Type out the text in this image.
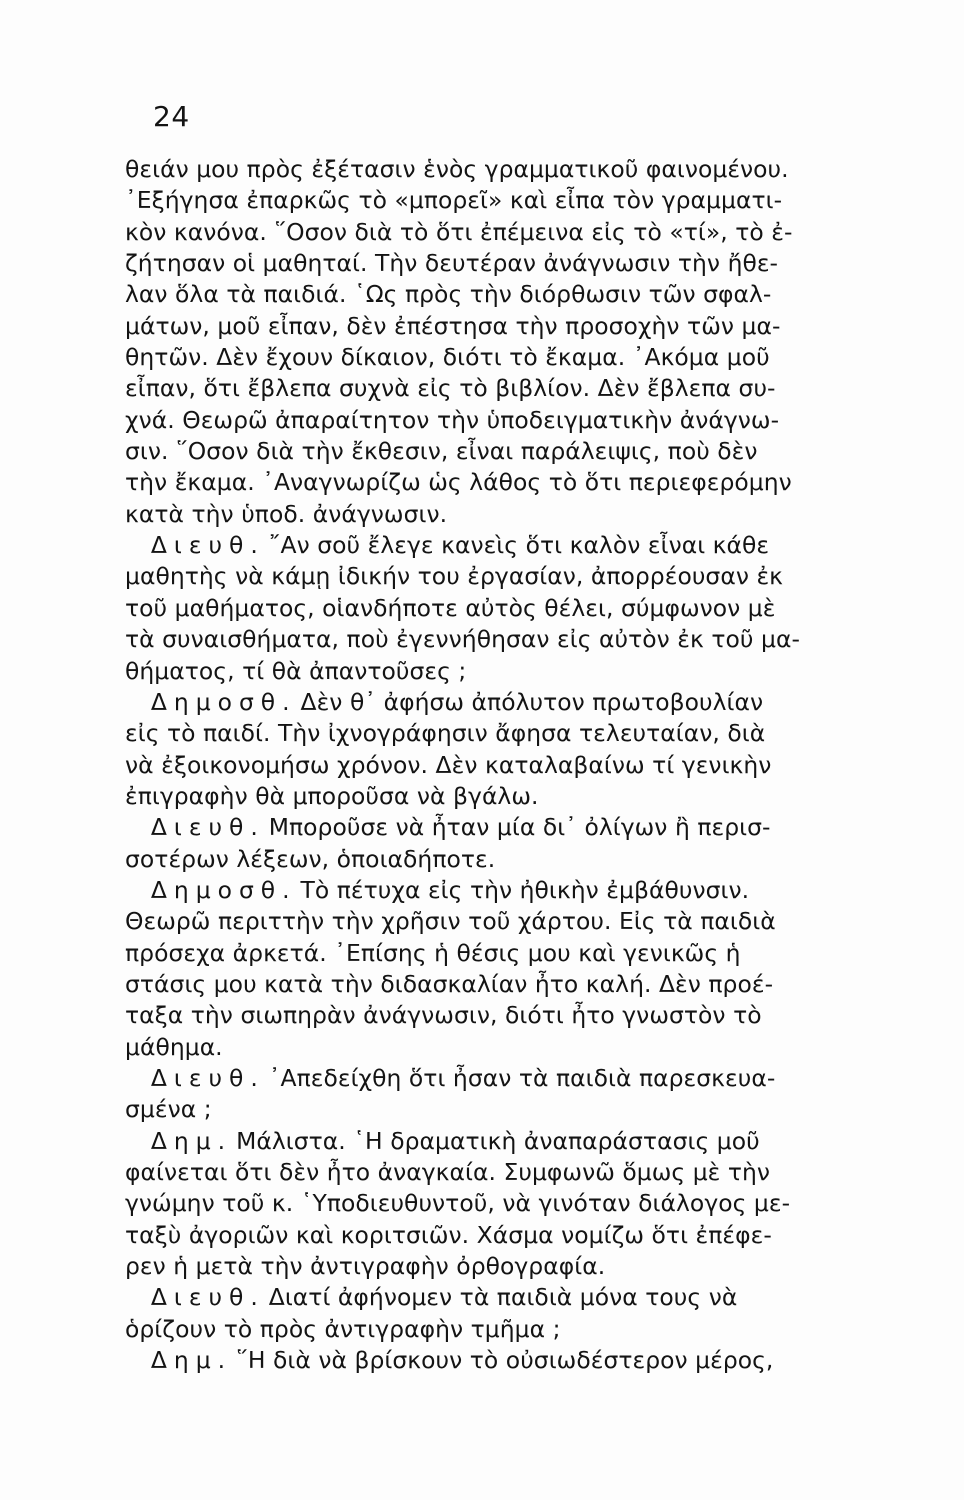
24
θειάν μου πρὸς ἐξέτασιν ἑνὸς γραμματικοῦ φαινομένου.
᾿Εξήγησα ἐπαρκῶς τὸ «μπορεῖ» καὶ εἶπα τὸν γραμματι-
κὸν κανόνα. ῞Οσον διὰ τὸ ὅτι ἐπέμεινα εἰς τὸ «τί», τὸ ἐ-
ζήτησαν οἱ μαθηταί. Τὴν δευτέραν ἀνάγνωσιν τὴν ἤθε-
λαν ὅλα τὰ παιδιά. ῾Ως πρὸς τὴν διόρθωσιν τῶν σφαλ-
μάτων, μοῦ εἶπαν, δὲν ἐπέστησα τὴν προσοχὴν τῶν μα-
θητῶν. Δὲν ἔχουν δίκαιον, διότι τὸ ἔκαμα. ᾿Ακόμα μοῦ
εἶπαν, ὅτι ἔβλεπα συχνὰ εἰς τὸ βιβλίον. Δὲν ἔβλεπα συ-
χνά. Θεωρῶ ἀπαραίτητον τὴν ὑποδειγματικὴν ἀνάγνω-
σιν. ῞Οσον διὰ τὴν ἔκθεσιν, εἶναι παράλειψις, ποὺ δὲν
τὴν ἔκαμα. ᾿Αναγνωρίζω ὡς λάθος τὸ ὅτι περιεφερόμην
κατὰ τὴν ὑποδ. ἀνάγνωσιν.
Διευθ. ῎Αν σοῦ ἔλεγε κανεὶς ὅτι καλὸν εἶναι κάθε
μαθητὴς νὰ κάμῃ ἰδικήν του ἐργασίαν, ἀπορρέουσαν ἐκ
τοῦ μαθήματος, οἱανδήποτε αὐτὸς θέλει, σύμφωνον μὲ
τὰ συναισθήματα, ποὺ ἐγεννήθησαν εἰς αὐτὸν ἐκ τοῦ μα-
θήματος, τί θὰ ἀπαντοῦσες ;
Δημοσθ. Δὲν θ᾿ ἀφήσω ἀπόλυτον πρωτοβουλίαν
εἰς τὸ παιδί. Τὴν ἰχνογράφησιν ἄφησα τελευταίαν, διὰ
νὰ ἐξοικονομήσω χρόνον. Δὲν καταλαβαίνω τί γενικὴν
ἐπιγραφὴν θὰ μποροῦσα νὰ βγάλω.
Διευθ. Μποροῦσε νὰ ἦταν μία δι᾿ ὀλίγων ἢ περισ-
σοτέρων λέξεων, ὁποιαδήποτε.
Δημοσθ. Τὸ πέτυχα εἰς τὴν ἠθικὴν ἐμβάθυνσιν.
Θεωρῶ περιττὴν τὴν χρῆσιν τοῦ χάρτου. Εἰς τὰ παιδιὰ
πρόσεχα ἀρκετά. ᾿Επίσης ἡ θέσις μου καὶ γενικῶς ἡ
στάσις μου κατὰ τὴν διδασκαλίαν ἦτο καλή. Δὲν προέ-
ταξα τὴν σιωπηρὰν ἀνάγνωσιν, διότι ἦτο γνωστὸν τὸ
μάθημα.
Διευθ. ᾿Απεδείχθη ὅτι ἦσαν τὰ παιδιὰ παρεσκευα-
σμένα ;
Δημ. Μάλιστα. ῾Η δραματικὴ ἀναπαράστασις μοῦ
φαίνεται ὅτι δὲν ἦτο ἀναγκαία. Συμφωνῶ ὅμως μὲ τὴν
γνώμην τοῦ κ. ῾Υποδιευθυντοῦ, νὰ γινόταν διάλογος με-
ταξὺ ἀγοριῶν καὶ κοριτσιῶν. Χάσμα νομίζω ὅτι ἐπέφε-
ρεν ἡ μετὰ τὴν ἀντιγραφὴν ὀρθογραφία.
Διευθ. Διατί ἀφήνομεν τὰ παιδιὰ μόνα τους νὰ
ὁρίζουν τὸ πρὸς ἀντιγραφὴν τμῆμα ;
Δημ. ῞Η διὰ νὰ βρίσκουν τὸ οὐσιωδέστερον μέρος,
